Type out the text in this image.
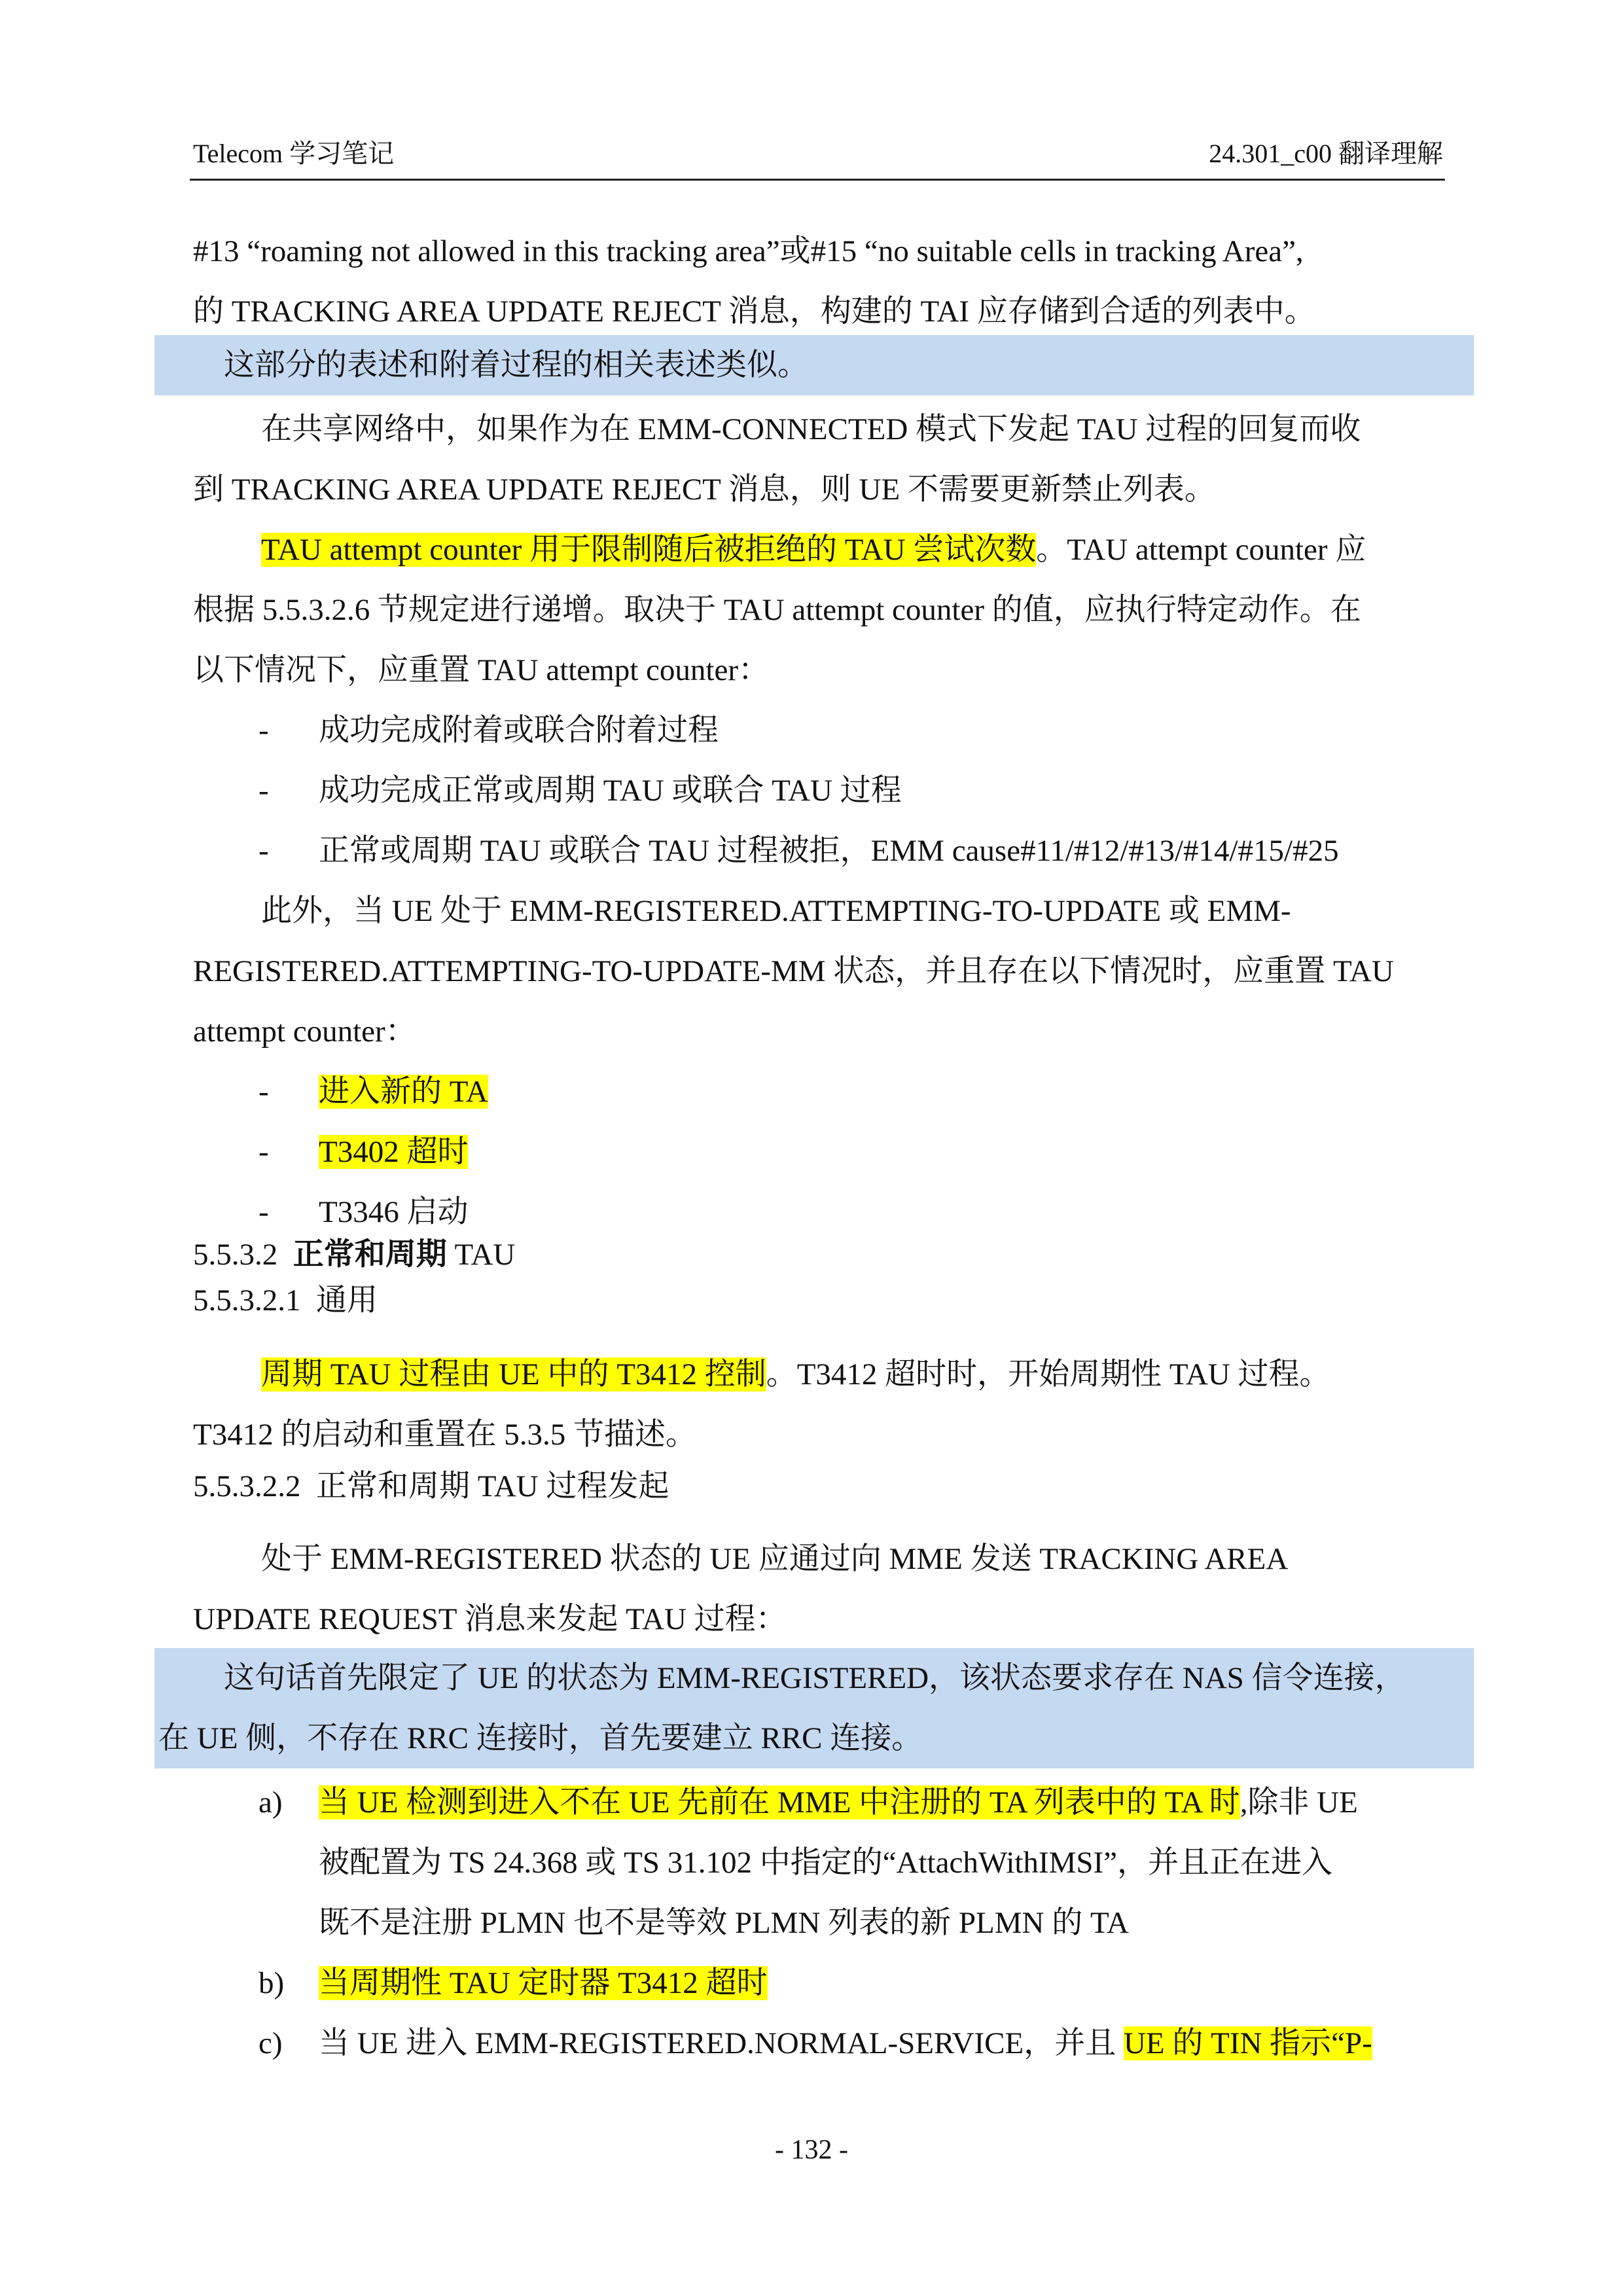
Telecom 学习笔记	24.301_c00 翻译理解
#13 “roaming not allowed in this tracking area”或#15 “no suitable cells in tracking Area”,
的 TRACKING AREA UPDATE REJECT 消息，构建的 TAI 应存储到合适的列表中。
这部分的表述和附着过程的相关表述类似。
在共享网络中，如果作为在 EMM-CONNECTED 模式下发起 TAU 过程的回复而收
到 TRACKING AREA UPDATE REJECT 消息，则 UE 不需要更新禁止列表。
TAU attempt counter 用于限制随后被拒绝的 TAU 尝试次数。TAU attempt counter 应
根据 5.5.3.2.6 节规定进行递增。取决于 TAU attempt counter 的值，应执行特定动作。在
以下情况下，应重置 TAU attempt counter：
- 成功完成附着或联合附着过程
- 成功完成正常或周期 TAU 或联合 TAU 过程
- 正常或周期 TAU 或联合 TAU 过程被拒，EMM cause#11/#12/#13/#14/#15/#25
此外，当 UE 处于 EMM-REGISTERED.ATTEMPTING-TO-UPDATE 或 EMM-
REGISTERED.ATTEMPTING-TO-UPDATE-MM 状态，并且存在以下情况时，应重置 TAU
attempt counter：
- 进入新的 TA
- T3402 超时
- T3346 启动
5.5.3.2 正常和周期 TAU
5.5.3.2.1 通用
周期 TAU 过程由 UE 中的 T3412 控制。T3412 超时时，开始周期性 TAU 过程。
T3412 的启动和重置在 5.3.5 节描述。
5.5.3.2.2 正常和周期 TAU 过程发起
处于 EMM-REGISTERED 状态的 UE 应通过向 MME 发送 TRACKING AREA
UPDATE REQUEST 消息来发起 TAU 过程：
这句话首先限定了 UE 的状态为 EMM-REGISTERED，该状态要求存在 NAS 信令连接，
在 UE 侧，不存在 RRC 连接时，首先要建立 RRC 连接。
a) 当 UE 检测到进入不在 UE 先前在 MME 中注册的 TA 列表中的 TA 时,除非 UE
被配置为 TS 24.368 或 TS 31.102 中指定的“AttachWithIMSI”，并且正在进入
既不是注册 PLMN 也不是等效 PLMN 列表的新 PLMN 的 TA
b) 当周期性 TAU 定时器 T3412 超时
c) 当 UE 进入 EMM-REGISTERED.NORMAL-SERVICE，并且 UE 的 TIN 指示“P-
- 132 -
